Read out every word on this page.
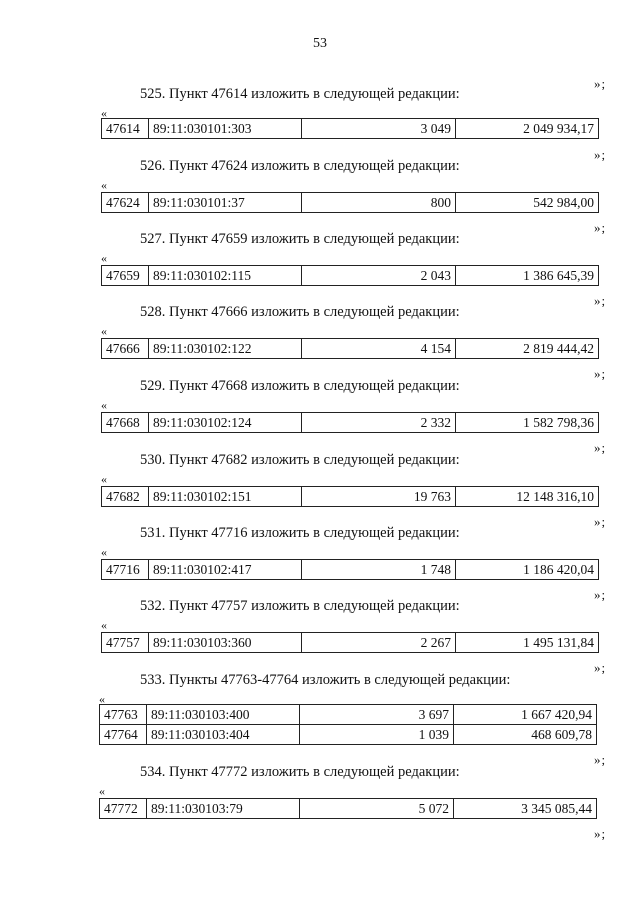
53
»;
525. Пункт 47614 изложить в следующей редакции:
«
47614	89:11:030101:303	3 049	2 049 934,17
»;
526. Пункт 47624 изложить в следующей редакции:
«
47624	89:11:030101:37	800	542 984,00
»;
527. Пункт 47659 изложить в следующей редакции:
«
47659	89:11:030102:115	2 043	1 386 645,39
»;
528. Пункт 47666 изложить в следующей редакции:
«
47666	89:11:030102:122	4 154	2 819 444,42
»;
529. Пункт 47668 изложить в следующей редакции:
«
47668	89:11:030102:124	2 332	1 582 798,36
»;
530. Пункт 47682 изложить в следующей редакции:
«
47682	89:11:030102:151	19 763	12 148 316,10
»;
531. Пункт 47716 изложить в следующей редакции:
«
47716	89:11:030102:417	1 748	1 186 420,04
»;
532. Пункт 47757 изложить в следующей редакции:
«
47757	89:11:030103:360	2 267	1 495 131,84
»;
533. Пункты 47763-47764 изложить в следующей редакции:
«
47763	89:11:030103:400	3 697	1 667 420,94
47764	89:11:030103:404	1 039	468 609,78
»;
534. Пункт 47772 изложить в следующей редакции:
«
47772	89:11:030103:79	5 072	3 345 085,44
»;
